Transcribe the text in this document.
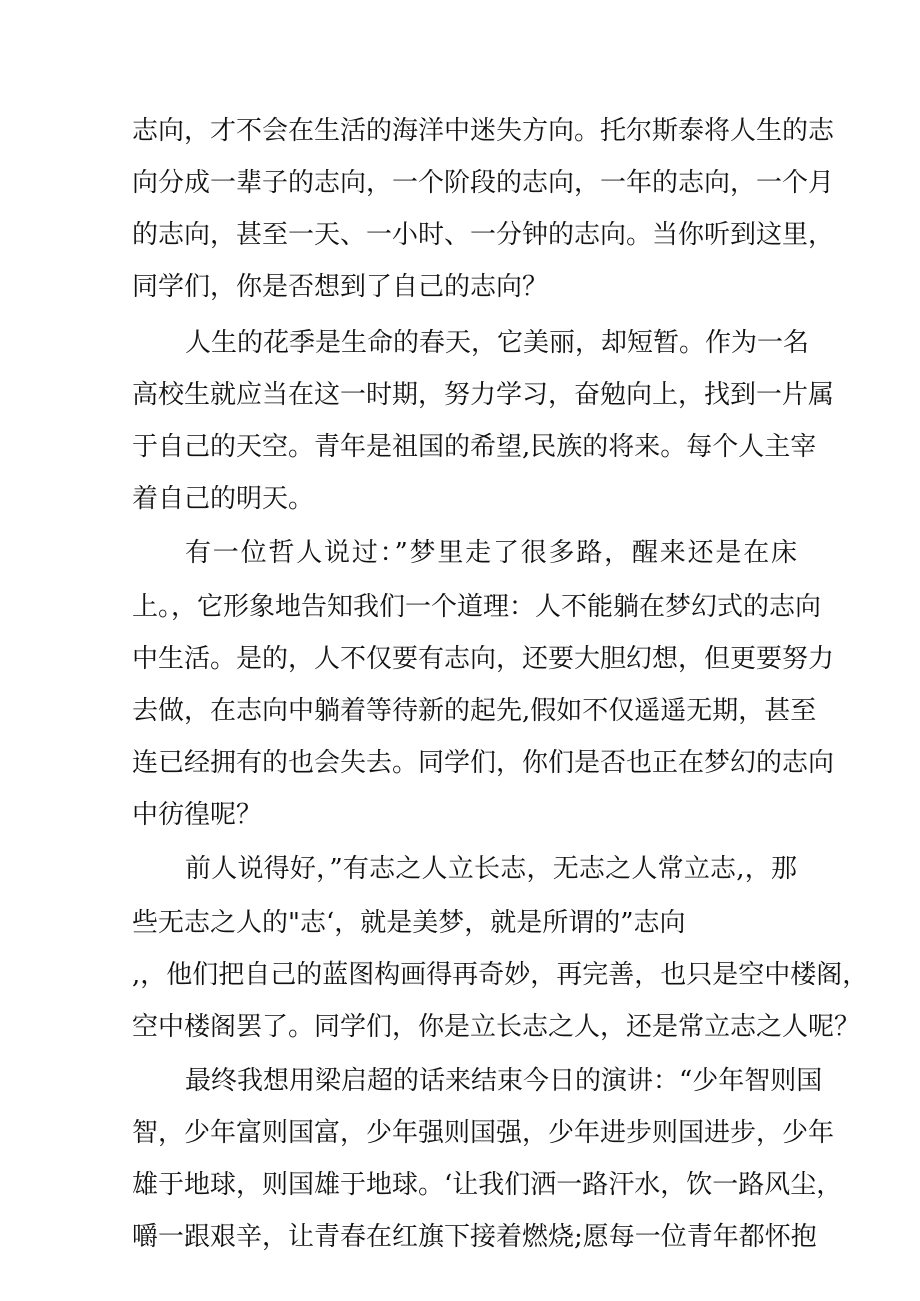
志向，才不会在生活的海洋中迷失方向。托尔斯泰将人生的志
向分成一辈子的志向，一个阶段的志向，一年的志向，一个月
的志向，甚至一天、一小时、一分钟的志向。当你听到这里，
同学们，你是否想到了自己的志向？
人生的花季是生命的春天，它美丽，却短暂。作为一名
高校生就应当在这一时期，努力学习，奋勉向上，找到一片属
于自己的天空。青年是祖国的希望,民族的将来。每个人主宰
着自己的明天。
有一位哲人说过：”梦里走了很多路，醒来还是在床
上。，它形象地告知我们一个道理：人不能躺在梦幻式的志向
中生活。是的，人不仅要有志向，还要大胆幻想，但更要努力
去做，在志向中躺着等待新的起先,假如不仅遥遥无期，甚至
连已经拥有的也会失去。同学们，你们是否也正在梦幻的志向
中彷徨呢？
前人说得好，”有志之人立长志，无志之人常立志,，那
些无志之人的"志‘，就是美梦，就是所谓的”志向
,，他们把自己的蓝图构画得再奇妙，再完善，也只是空中楼阁，
空中楼阁罢了。同学们，你是立长志之人，还是常立志之人呢？
最终我想用梁启超的话来结束今日的演讲：“少年智则国
智，少年富则国富，少年强则国强，少年进步则国进步，少年
雄于地球，则国雄于地球。‘让我们洒一路汗水，饮一路风尘，
嚼一跟艰辛，让青春在红旗下接着燃烧;愿每一位青年都怀抱
